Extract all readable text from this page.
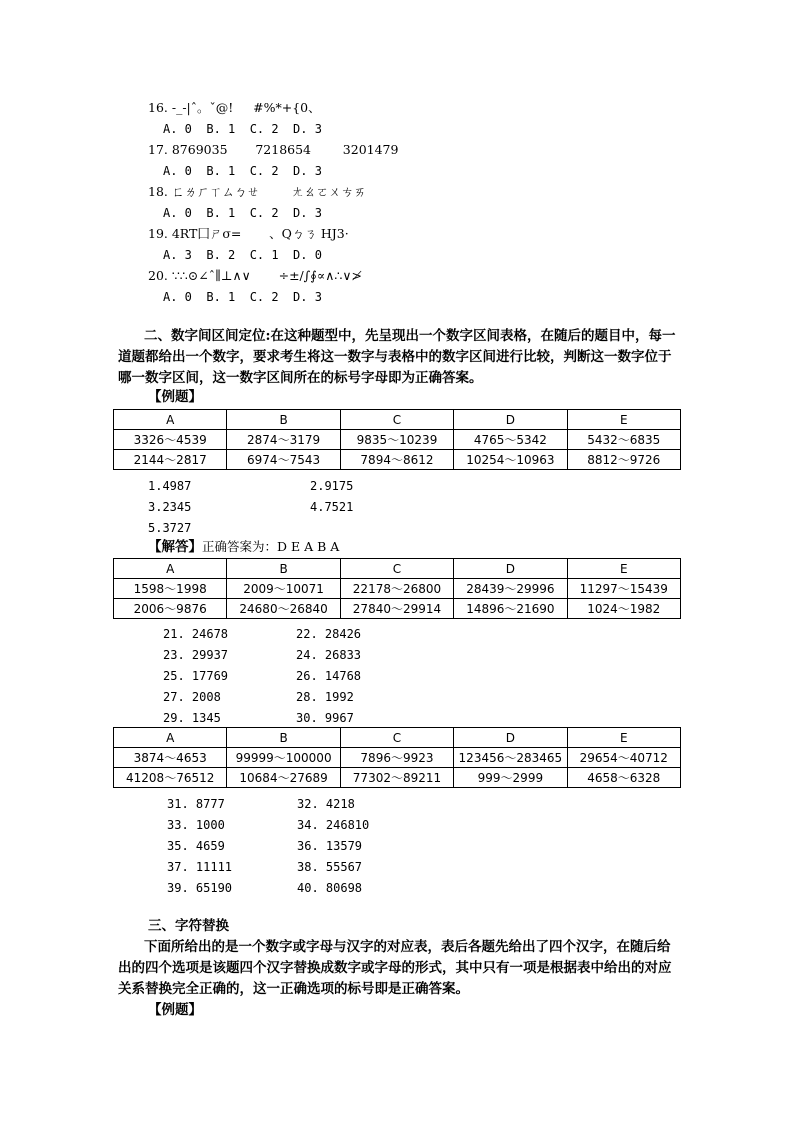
16. ‐_‐|ˆ。ˇ@!     #%*+{0、
A. 0  B. 1  C. 2  D. 3
17. 8769035       7218654        3201479
A. 0  B. 1  C. 2  D. 3
18. ㄈㄌㄏㄒㄙㄅㄝ        ㄤㄠㄛㄨㄘㄞ
A. 0  B. 1  C. 2  D. 3
19. 4RT囗ㄕσ=       、Qㄅㄋ HJ3·
A. 3  B. 2  C. 1  D. 0
20. ∵∴⊙∠ˆ∥⊥∧∨       ÷±/∫∮∝∧∴∨≯
A. 0  B. 1  C. 2  D. 3
二、数字间区间定位:在这种题型中，先呈现出一个数字区间表格，在随后的题目中，每一道题都给出一个数字，要求考生将这一数字与表格中的数字区间进行比较，判断这一数字位于哪一数字区间，这一数字区间所在的标号字母即为正确答案。
【例题】
A	B	C	D	E
3326～4539	2874～3179	9835～10239	4765～5342	5432～6835
2144～2817	6974～7543	7894～8612	10254～10963	8812～9726
1.4987	2.9175
3.2345	4.7521
5.3727
【解答】正确答案为：D E A B A
A	B	C	D	E
1598～1998	2009～10071	22178～26800	28439～29996	11297～15439
2006～9876	24680～26840	27840～29914	14896～21690	1024～1982
21. 24678	22. 28426
23. 29937	24. 26833
25. 17769	26. 14768
27. 2008	28. 1992
29. 1345	30. 9967
A	B	C	D	E
3874～4653	99999～100000	7896～9923	123456～283465	29654～40712
41208～76512	10684～27689	77302～89211	999～2999	4658～6328
31. 8777	32. 4218
33. 1000	34. 246810
35. 4659	36. 13579
37. 11111	38. 55567
39. 65190	40. 80698
三、字符替换
下面所给出的是一个数字或字母与汉字的对应表，表后各题先给出了四个汉字，在随后给出的四个选项是该题四个汉字替换成数字或字母的形式，其中只有一项是根据表中给出的对应关系替换完全正确的，这一正确选项的标号即是正确答案。
【例题】
